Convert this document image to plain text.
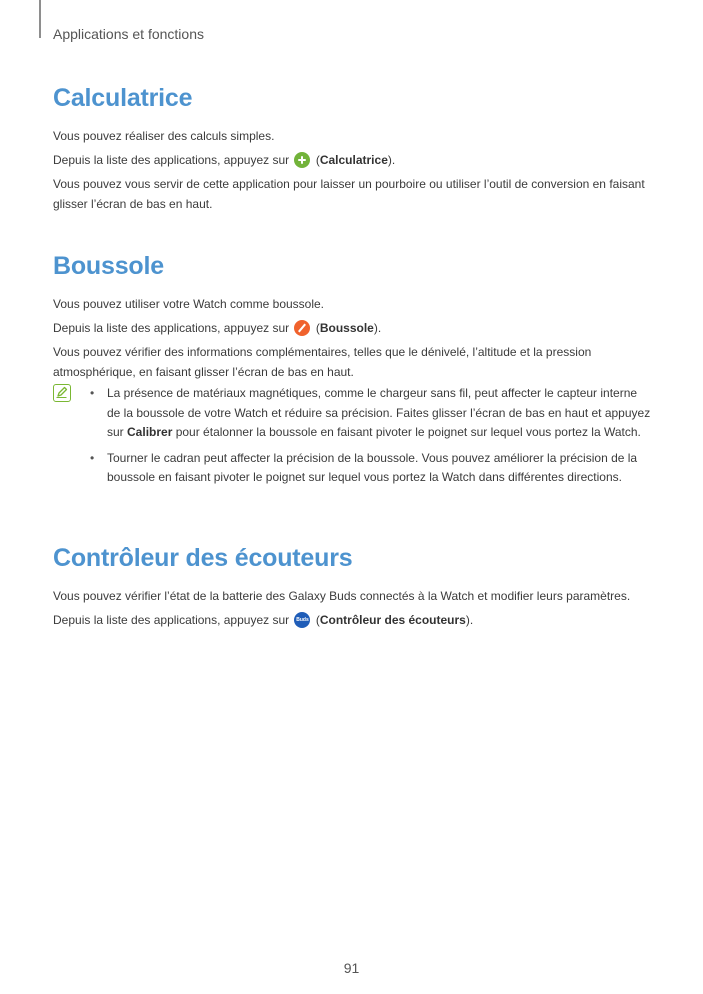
Applications et fonctions
Calculatrice

Vous pouvez réaliser des calculs simples.

Depuis la liste des applications, appuyez sur (Calculatrice).

Vous pouvez vous servir de cette application pour laisser un pourboire ou utiliser l’outil de conversion en faisant glisser l’écran de bas en haut.

Boussole

Vous pouvez utiliser votre Watch comme boussole.

Depuis la liste des applications, appuyez sur (Boussole).

Vous pouvez vérifier des informations complémentaires, telles que le dénivelé, l’altitude et la pression atmosphérique, en faisant glisser l’écran de bas en haut.

• La présence de matériaux magnétiques, comme le chargeur sans fil, peut affecter le capteur interne de la boussole de votre Watch et réduire sa précision. Faites glisser l’écran de bas en haut et appuyez sur Calibrer pour étalonner la boussole en faisant pivoter le poignet sur lequel vous portez la Watch.
• Tourner le cadran peut affecter la précision de la boussole. Vous pouvez améliorer la précision de la boussole en faisant pivoter le poignet sur lequel vous portez la Watch dans différentes directions.
Contrôleur des écouteurs

Vous pouvez vérifier l’état de la batterie des Galaxy Buds connectés à la Watch et modifier leurs paramètres.

Depuis la liste des applications, appuyez sur Buds (Contrôleur des écouteurs).

91
